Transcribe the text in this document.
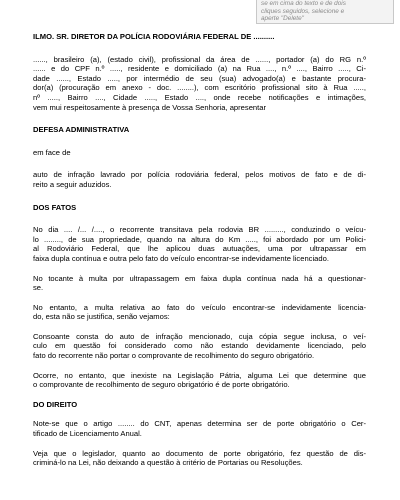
se em cima do texto e de dois
cliques seguidos, selecione e
aperte "Delete"
ILMO. SR. DIRETOR DA POLÍCIA RODOVIÁRIA FEDERAL DE ..........

......, brasileiro (a), (estado civil), profissional da área de ......, portador (a) do RG n.º
...... e do CPF n.º ....., residente e domiciliado (a) na Rua ...., n.º ...., Bairro ....., Ci-
dade ......, Estado ....., por intermédio de seu (sua) advogado(a) e bastante procura-
dor(a) (procuração em anexo - doc. ........), com escritório profissional sito à Rua .....,
nº ....., Bairro ...., Cidade ....., Estado ...., onde recebe notificações e intimações,
vem mui respeitosamente à presença de Vossa Senhoria, apresentar

DEFESA ADMINISTRATIVA

em face de

auto de infração lavrado por polícia rodoviária federal, pelos motivos de fato e de di-
reito a seguir aduzidos.

DOS FATOS

No dia .... /... /...., o recorrente transitava pela rodovia BR ........., conduzindo o veícu-
lo ........, de sua propriedade, quando na altura do Km ....., foi abordado por um Polici-
al Rodoviário Federal, que lhe aplicou duas autuações, uma por ultrapassar em
faixa dupla contínua e outra pelo fato do veículo encontrar-se indevidamente licenciado.

No tocante à multa por ultrapassagem em faixa dupla contínua nada há a questionar-
se.

No entanto, a multa relativa ao fato do veículo encontrar-se indevidamente licencia-
do, esta não se justifica, senão vejamos:

Consoante consta do auto de infração mencionado, cuja cópia segue inclusa, o veí-
culo em questão foi considerado como não estando devidamente licenciado, pelo
fato do recorrente não portar o comprovante de recolhimento do seguro obrigatório.

Ocorre, no entanto, que inexiste na Legislação Pátria, alguma Lei que determine que
o comprovante de recolhimento de seguro obrigatório é de porte obrigatório.

DO DIREITO

Note-se que o artigo ........ do CNT, apenas determina ser de porte obrigatório o Cer-
tificado de Licenciamento Anual.

Veja que o legislador, quanto ao documento de porte obrigatório, fez questão de dis-
criminá-lo na Lei, não deixando a questão à critério de Portarias ou Resoluções.
